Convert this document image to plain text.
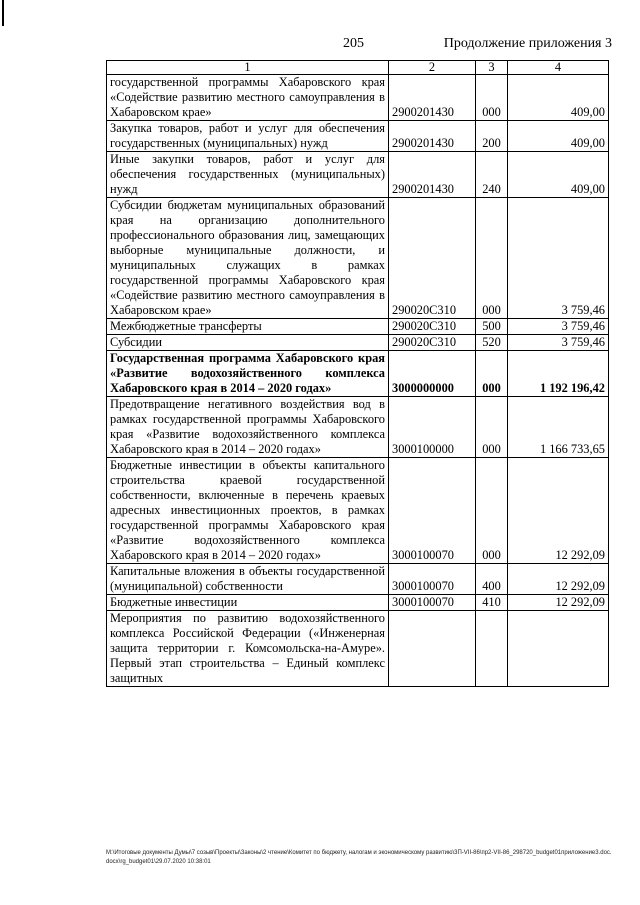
205	Продолжение приложения 3
1	2	3	4
государственной программы Хабаровского края «Содействие развитию местного самоуправления в Хабаровском крае»	2900201430	000	409,00
Закупка товаров, работ и услуг для обеспечения государственных (муниципальных) нужд	2900201430	200	409,00
Иные закупки товаров, работ и услуг для обеспечения государственных (муниципальных) нужд	2900201430	240	409,00
Субсидии бюджетам муниципальных образований края на организацию дополнительного профессионального образования лиц, замещающих выборные муниципальные должности, и муниципальных служащих в рамках государственной программы Хабаровского края «Содействие развитию местного самоуправления в Хабаровском крае»	290020С310	000	3 759,46
Межбюджетные трансферты	290020С310	500	3 759,46
Субсидии	290020С310	520	3 759,46
Государственная программа Хабаровского края «Развитие водохозяйственного комплекса Хабаровского края в 2014 – 2020 годах»	3000000000	000	1 192 196,42
Предотвращение негативного воздействия вод в рамках государственной программы Хабаровского края «Развитие водохозяйственного комплекса Хабаровского края в 2014 – 2020 годах»	3000100000	000	1 166 733,65
Бюджетные инвестиции в объекты капитального строительства краевой государственной собственности, включенные в перечень краевых адресных инвестиционных проектов, в рамках государственной программы Хабаровского края «Развитие водохозяйственного комплекса Хабаровского края в 2014 – 2020 годах»	3000100070	000	12 292,09
Капитальные вложения в объекты государственной (муниципальной) собственности	3000100070	400	12 292,09
Бюджетные инвестиции	3000100070	410	12 292,09
Мероприятия по развитию водохозяйственного комплекса Российской Федерации («Инженерная защита территории г. Комсомольска-на-Амуре». Первый этап строительства – Единый комплекс защитных			
M:\Итоговые документы Думы\7 созыв\Проекты\Законы\2 чтение\Комитет по бюджету, налогам и экономическому развитию\3П-VII-86\пр2-VII-86_298720_budget01приложение3.doc.docx\rg_budget01\29.07.2020 10:38:01
